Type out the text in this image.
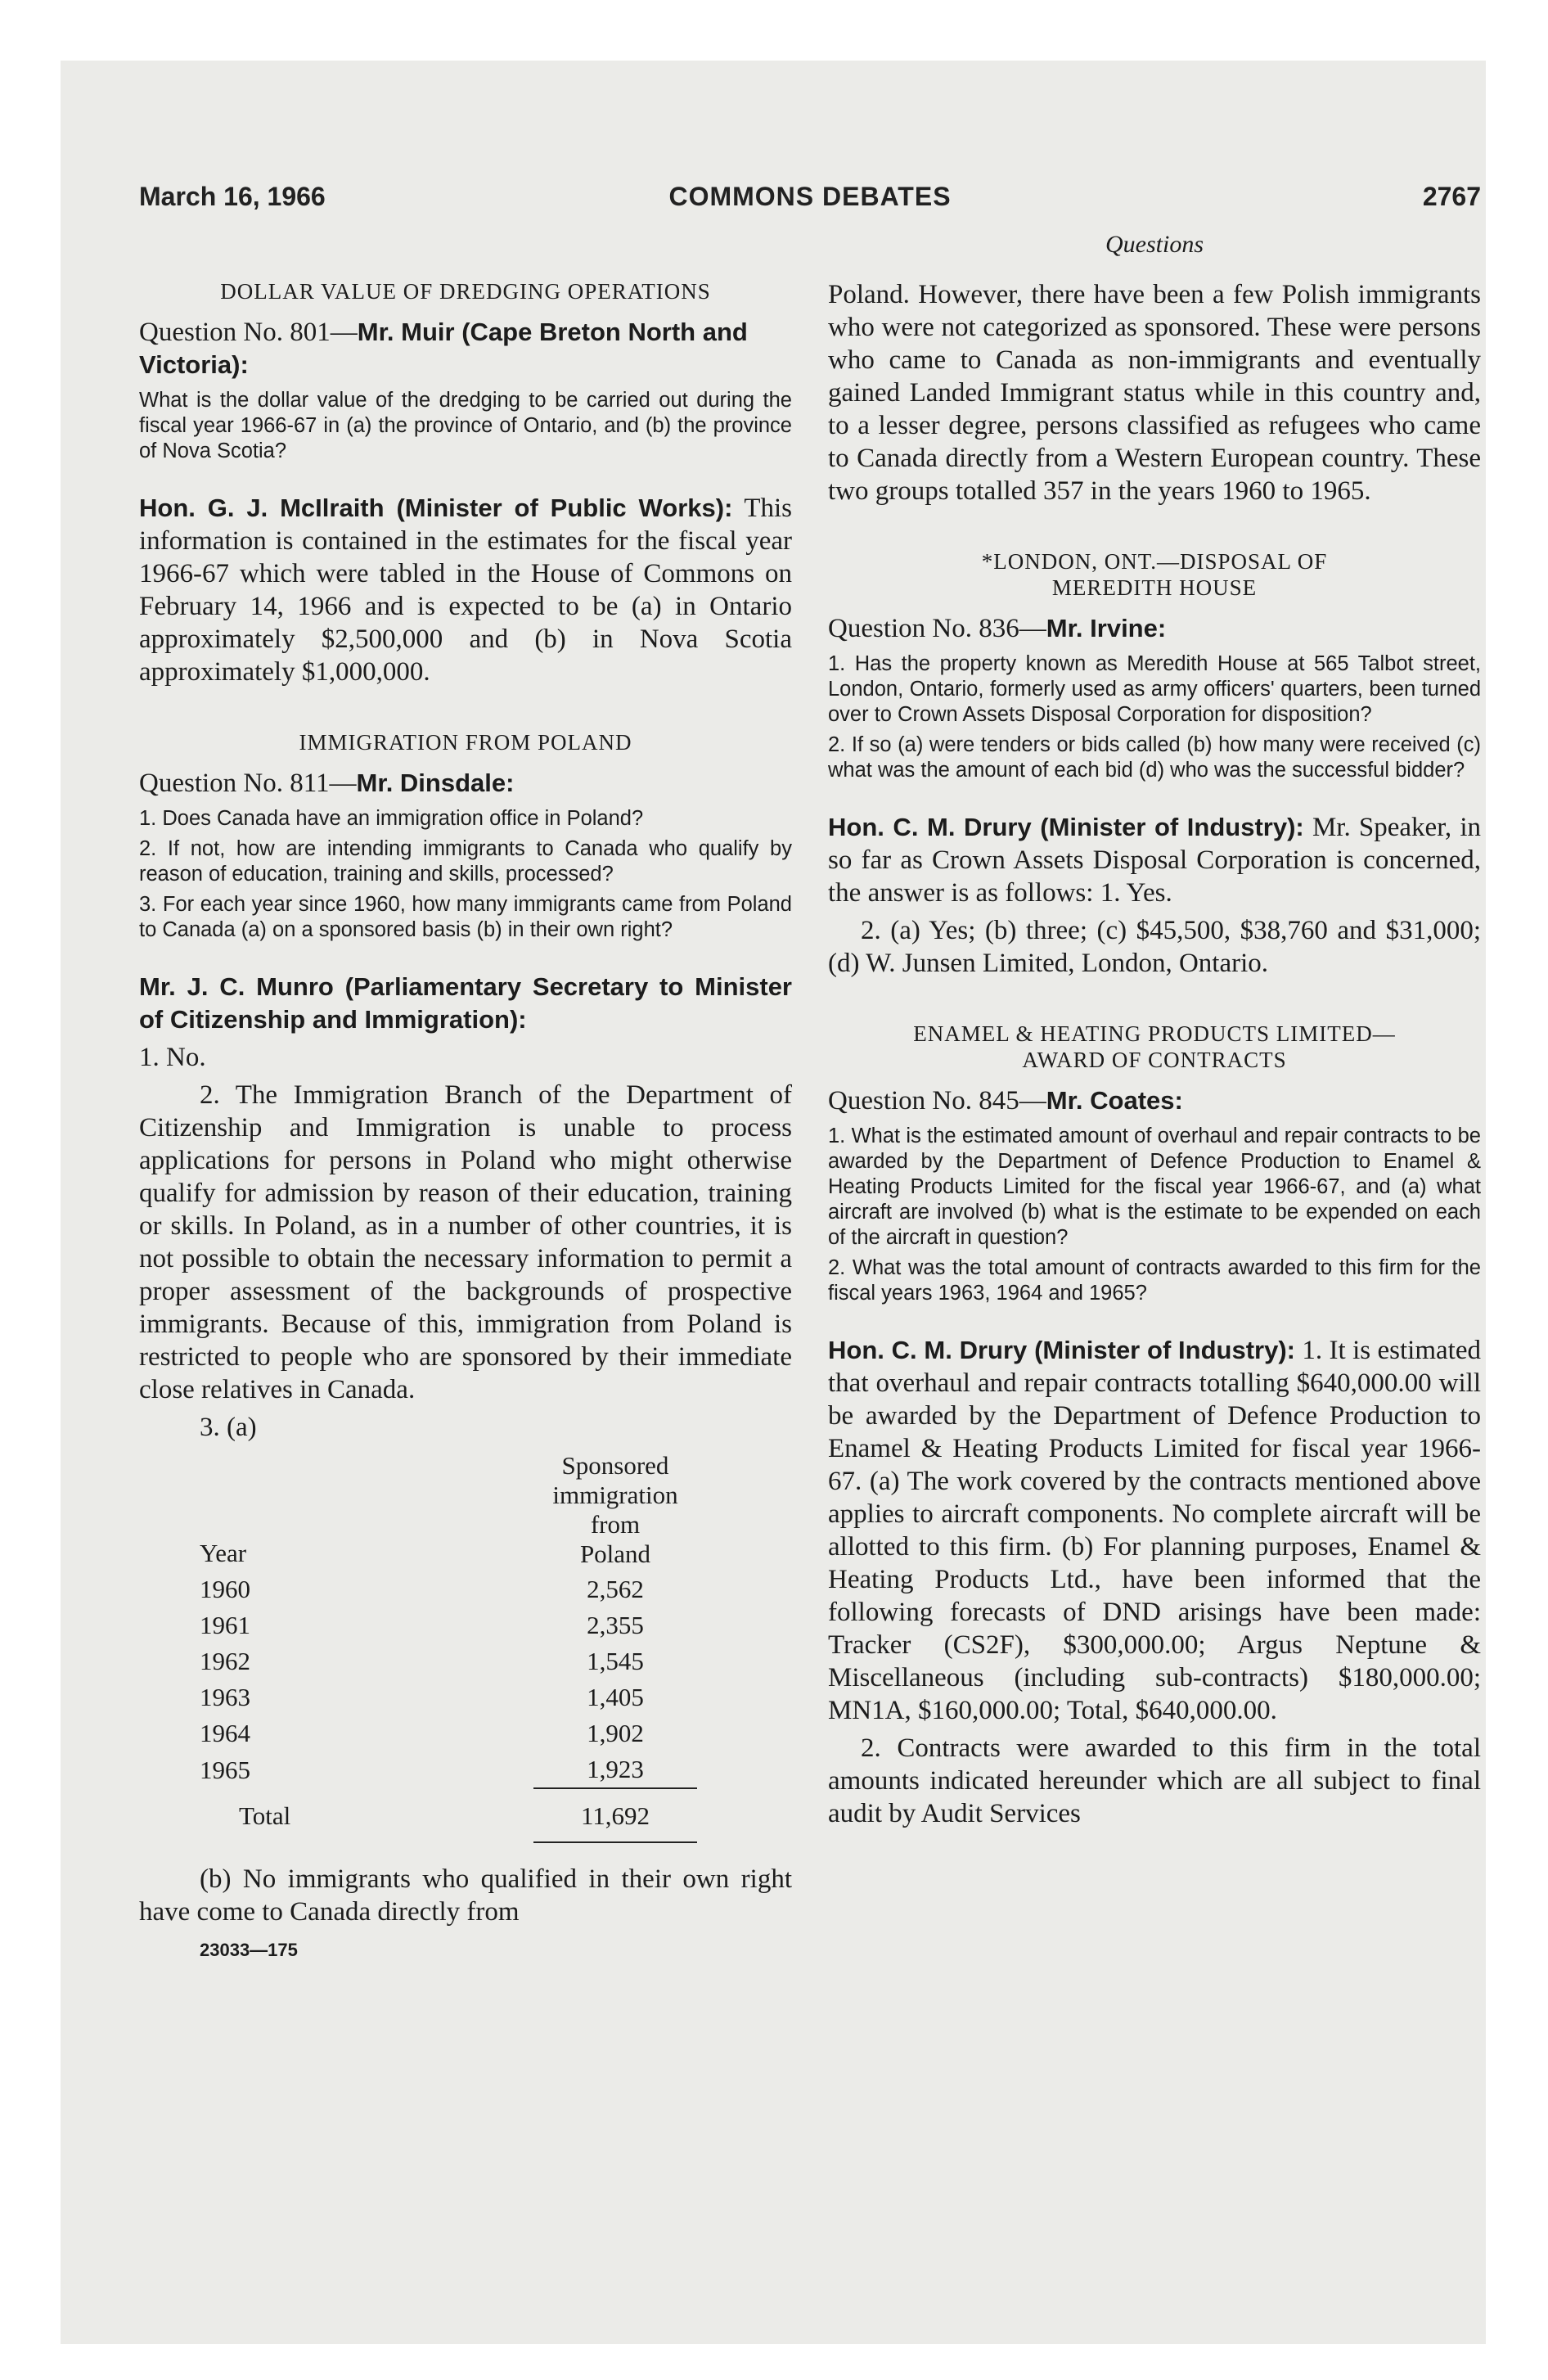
March 16, 1966	COMMONS DEBATES	2767
DOLLAR VALUE OF DREDGING OPERATIONS
Question No. 801—Mr. Muir (Cape Breton North and Victoria):

What is the dollar value of the dredging to be carried out during the fiscal year 1966-67 in (a) the province of Ontario, and (b) the province of Nova Scotia?

Hon. G. J. McIlraith (Minister of Public Works): This information is contained in the estimates for the fiscal year 1966-67 which were tabled in the House of Commons on February 14, 1966 and is expected to be (a) in Ontario approximately $2,500,000 and (b) in Nova Scotia approximately $1,000,000.

IMMIGRATION FROM POLAND
Question No. 811—Mr. Dinsdale:

1. Does Canada have an immigration office in Poland?

2. If not, how are intending immigrants to Canada who qualify by reason of education, training and skills, processed?

3. For each year since 1960, how many immigrants came from Poland to Canada (a) on a sponsored basis (b) in their own right?

Mr. J. C. Munro (Parliamentary Secretary to Minister of Citizenship and Immigration):

1. No.

2. The Immigration Branch of the Department of Citizenship and Immigration is unable to process applications for persons in Poland who might otherwise qualify for admission by reason of their education, training or skills. In Poland, as in a number of other countries, it is not possible to obtain the necessary information to permit a proper assessment of the backgrounds of prospective immigrants. Because of this, immigration from Poland is restricted to people who are sponsored by their immediate close relatives in Canada.

3. (a)

Year	Sponsored
immigration from
Poland

1960	2,562
1961	2,355
1962	1,545
1963	1,405
1964	1,902
1965	1,923
Total	11,692

(b) No immigrants who qualified in their own right have come to Canada directly from

23033—175
Questions

Poland. However, there have been a few Polish immigrants who were not categorized as sponsored. These were persons who came to Canada as non-immigrants and eventually gained Landed Immigrant status while in this country and, to a lesser degree, persons classified as refugees who came to Canada directly from a Western European country. These two groups totalled 357 in the years 1960 to 1965.

*LONDON, ONT.—DISPOSAL OF
MEREDITH HOUSE
Question No. 836—Mr. Irvine:

1. Has the property known as Meredith House at 565 Talbot street, London, Ontario, formerly used as army officers' quarters, been turned over to Crown Assets Disposal Corporation for disposition?

2. If so (a) were tenders or bids called (b) how many were received (c) what was the amount of each bid (d) who was the successful bidder?

Hon. C. M. Drury (Minister of Industry): Mr. Speaker, in so far as Crown Assets Disposal Corporation is concerned, the answer is as follows: 1. Yes.

2. (a) Yes; (b) three; (c) $45,500, $38,760 and $31,000; (d) W. Junsen Limited, London, Ontario.

ENAMEL & HEATING PRODUCTS LIMITED—
AWARD OF CONTRACTS
Question No. 845—Mr. Coates:

1. What is the estimated amount of overhaul and repair contracts to be awarded by the Department of Defence Production to Enamel & Heating Products Limited for the fiscal year 1966-67, and (a) what aircraft are involved (b) what is the estimate to be expended on each of the aircraft in question?

2. What was the total amount of contracts awarded to this firm for the fiscal years 1963, 1964 and 1965?

Hon. C. M. Drury (Minister of Industry): 1. It is estimated that overhaul and repair contracts totalling $640,000.00 will be awarded by the Department of Defence Production to Enamel & Heating Products Limited for fiscal year 1966-67. (a) The work covered by the contracts mentioned above applies to aircraft components. No complete aircraft will be allotted to this firm. (b) For planning purposes, Enamel & Heating Products Ltd., have been informed that the following forecasts of DND arisings have been made: Tracker (CS2F), $300,000.00; Argus Neptune & Miscellaneous (including sub-contracts) $180,000.00; MN1A, $160,000.00; Total, $640,000.00.

2. Contracts were awarded to this firm in the total amounts indicated hereunder which are all subject to final audit by Audit Services
